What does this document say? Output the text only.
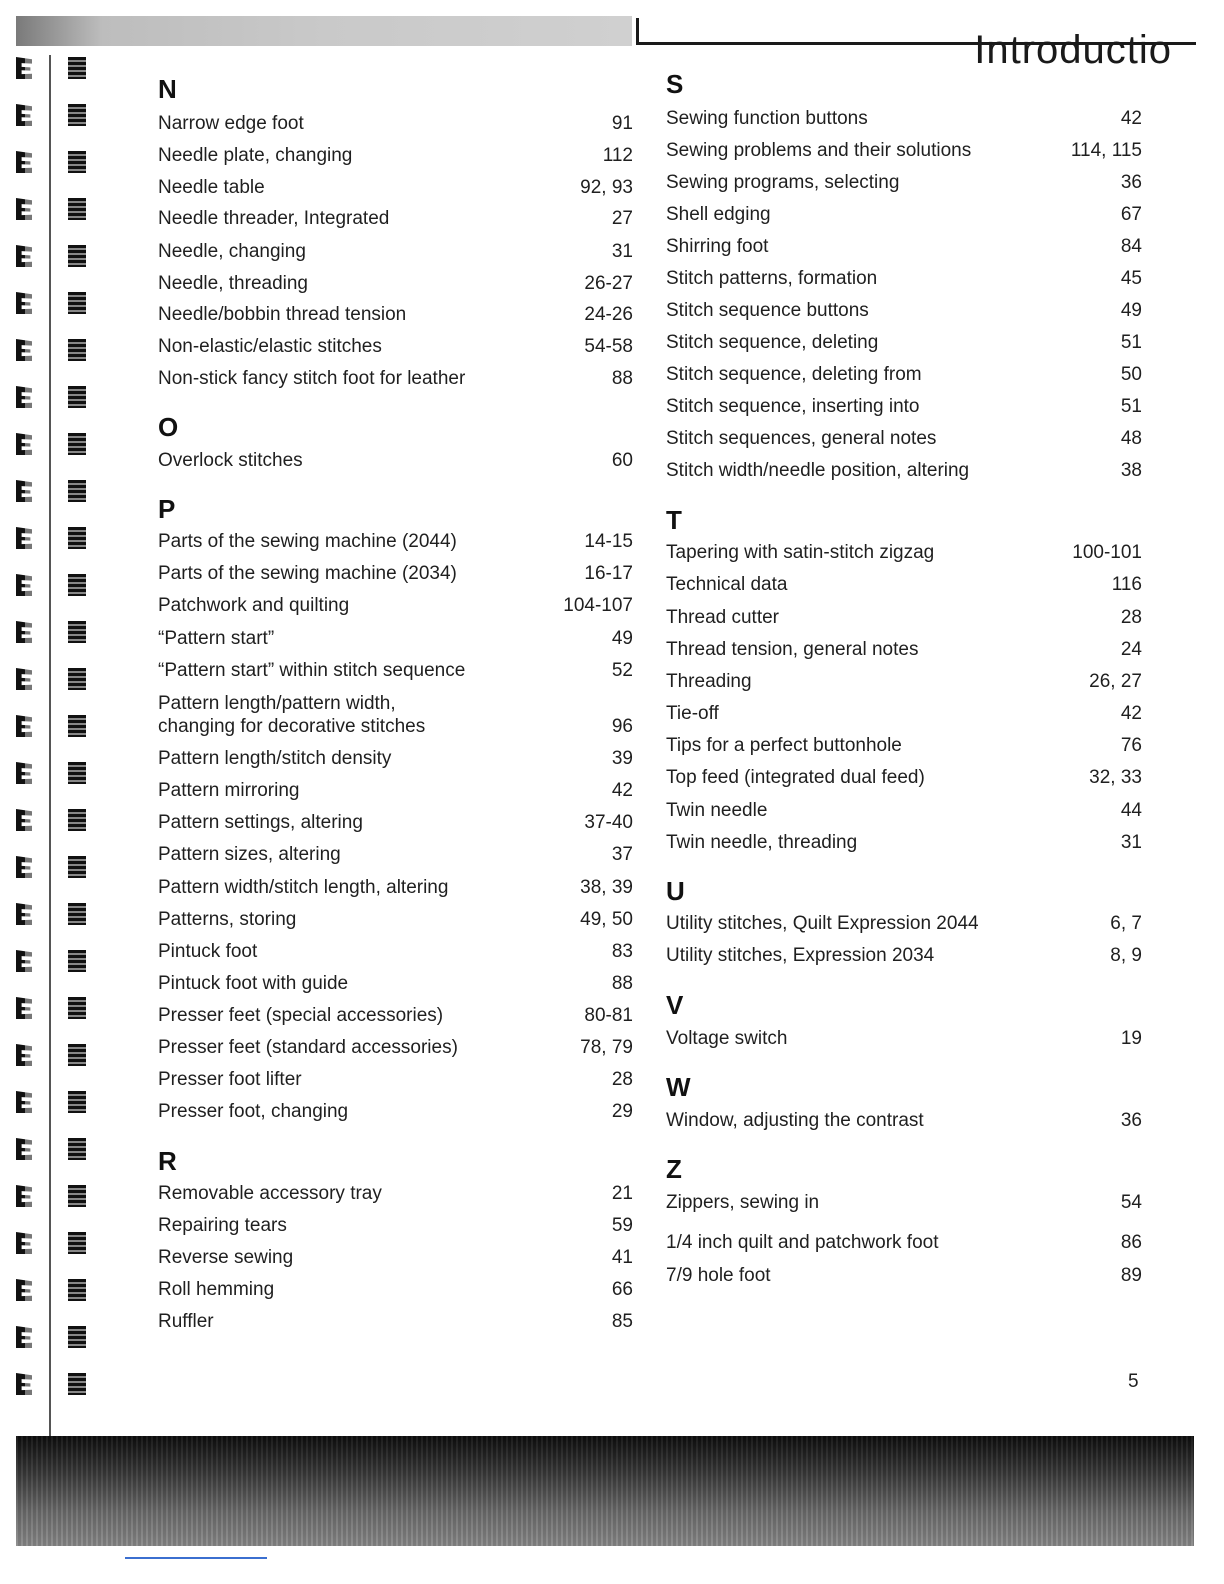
Introductio
N
Narrow edge foot	91
Needle plate, changing	112
Needle table	92, 93
Needle threader, Integrated	27
Needle, changing	31
Needle, threading	26-27
Needle/bobbin thread tension	24-26
Non-elastic/elastic stitches	54-58
Non-stick fancy stitch foot for leather	88
O
Overlock stitches	60
P
Parts of the sewing machine (2044)	14-15
Parts of the sewing machine (2034)	16-17
Patchwork and quilting	104-107
“Pattern start”	49
“Pattern start” within stitch sequence	52
Pattern length/pattern width,
changing for decorative stitches	96
Pattern length/stitch density	39
Pattern mirroring	42
Pattern settings, altering	37-40
Pattern sizes, altering	37
Pattern width/stitch length, altering	38, 39
Patterns, storing	49, 50
Pintuck foot	83
Pintuck foot with guide	88
Presser feet (special accessories)	80-81
Presser feet (standard accessories)	78, 79
Presser foot lifter	28
Presser foot, changing	29
R
Removable accessory tray	21
Repairing tears	59
Reverse sewing	41
Roll hemming	66
Ruffler	85
S
Sewing function buttons	42
Sewing problems and their solutions	114, 115
Sewing programs, selecting	36
Shell edging	67
Shirring foot	84
Stitch patterns, formation	45
Stitch sequence buttons	49
Stitch sequence, deleting	51
Stitch sequence, deleting from	50
Stitch sequence, inserting into	51
Stitch sequences, general notes	48
Stitch width/needle position, altering	38
T
Tapering with satin-stitch zigzag	100-101
Technical data	116
Thread cutter	28
Thread tension, general notes	24
Threading	26, 27
Tie-off	42
Tips for a perfect buttonhole	76
Top feed (integrated dual feed)	32, 33
Twin needle	44
Twin needle, threading	31
U
Utility stitches, Quilt Expression 2044	6, 7
Utility stitches, Expression 2034	8, 9
V
Voltage switch	19
W
Window, adjusting the contrast	36
Z
Zippers, sewing in	54
1/4 inch quilt and patchwork foot	86
7/9 hole foot	89
5
